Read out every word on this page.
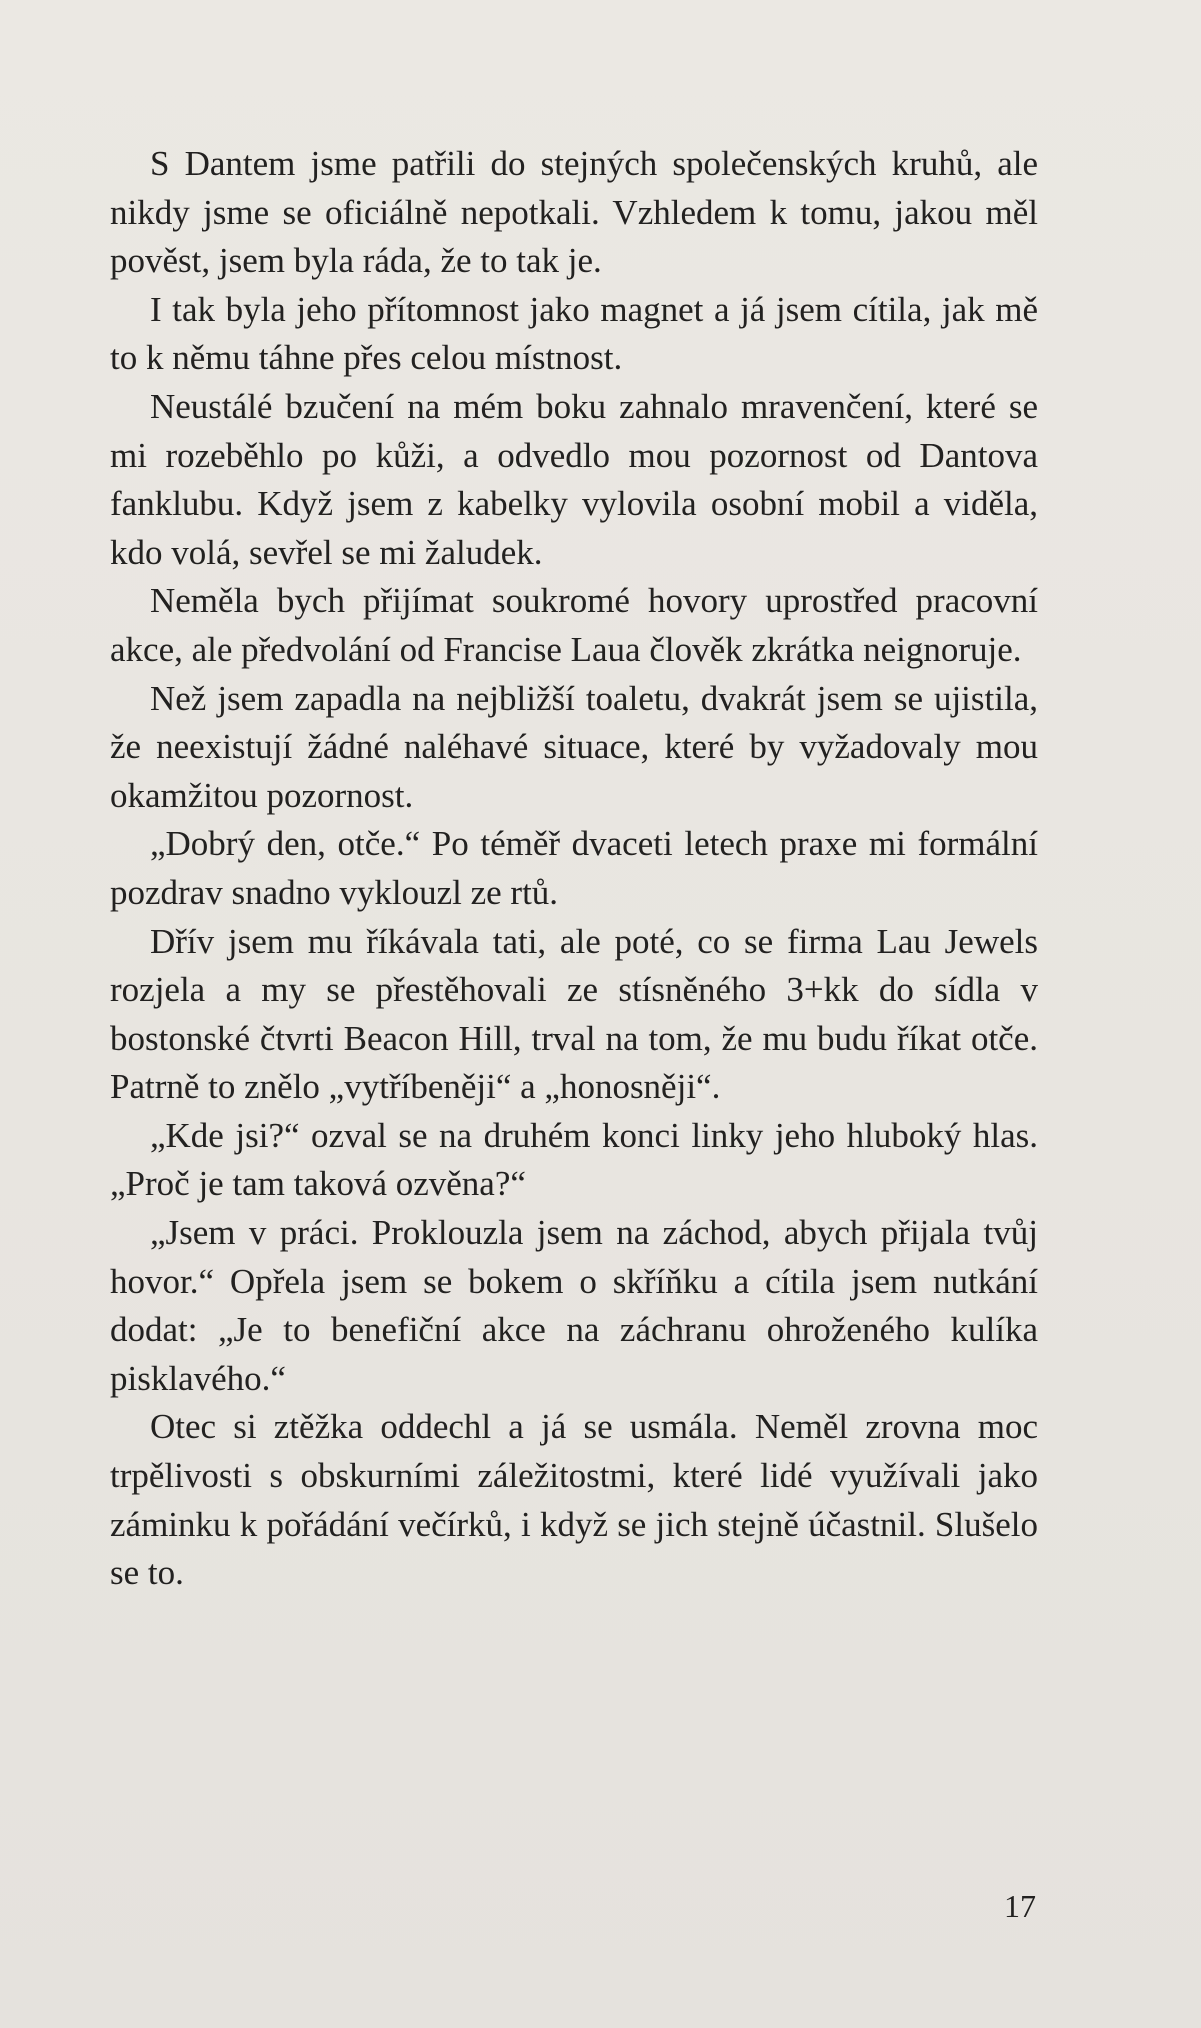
S Dantem jsme patřili do stejných společenských kruhů, ale nikdy jsme se oficiálně nepotkali. Vzhledem k tomu, jakou měl pověst, jsem byla ráda, že to tak je.

I tak byla jeho přítomnost jako magnet a já jsem cítila, jak mě to k němu táhne přes celou místnost.

Neustálé bzučení na mém boku zahnalo mravenčení, které se mi rozeběhlo po kůži, a odvedlo mou pozornost od Dantova fanklubu. Když jsem z kabelky vylovila osobní mobil a viděla, kdo volá, sevřel se mi žaludek.

Neměla bych přijímat soukromé hovory uprostřed pracovní akce, ale předvolání od Francise Laua člověk zkrátka neignoruje.

Než jsem zapadla na nejbližší toaletu, dvakrát jsem se ujistila, že neexistují žádné naléhavé situace, které by vyžadovaly mou okamžitou pozornost.

„Dobrý den, otče.“ Po téměř dvaceti letech praxe mi formální pozdrav snadno vyklouzl ze rtů.

Dřív jsem mu říkávala tati, ale poté, co se firma Lau Jewels rozjela a my se přestěhovali ze stísněného 3+kk do sídla v bostonské čtvrti Beacon Hill, trval na tom, že mu budu říkat otče. Patrně to znělo „vytříbeněji“ a „honosněji“.

„Kde jsi?“ ozval se na druhém konci linky jeho hluboký hlas. „Proč je tam taková ozvěna?“

„Jsem v práci. Proklouzla jsem na záchod, abych přijala tvůj hovor.“ Opřela jsem se bokem o skříňku a cítila jsem nutkání dodat: „Je to benefiční akce na záchranu ohroženého kulíka pisklavého.“

Otec si ztěžka oddechl a já se usmála. Neměl zrovna moc trpělivosti s obskurními záležitostmi, které lidé využívali jako záminku k pořádání večírků, i když se jich stejně účastnil. Slušelo se to.

17
